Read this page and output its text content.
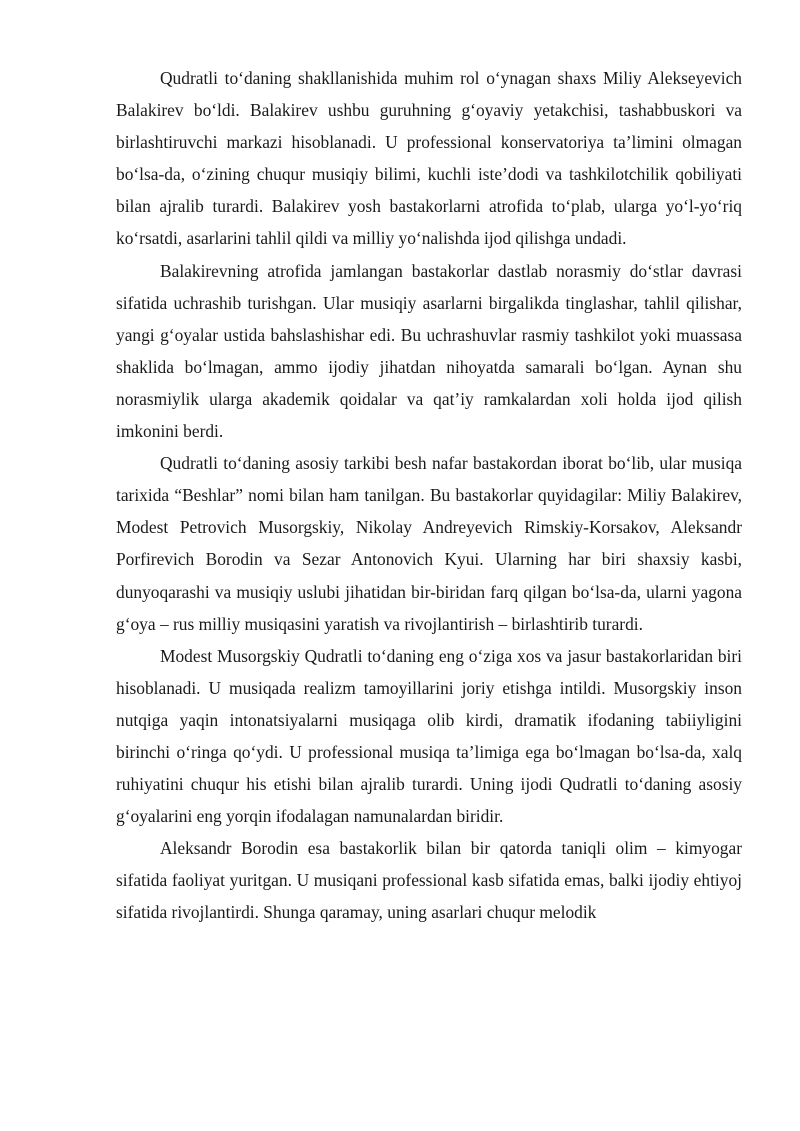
Qudratli to‘daning shakllanishida muhim rol o‘ynagan shaxs Miliy Alekseyevich Balakirev bo‘ldi. Balakirev ushbu guruhning g‘oyaviy yetakchisi, tashabbuskori va birlashtiruvchi markazi hisoblanadi. U professional konservatoriya ta’limini olmagan bo‘lsa-da, o‘zining chuqur musiqiy bilimi, kuchli iste’dodi va tashkilotchilik qobiliyati bilan ajralib turardi. Balakirev yosh bastakorlarni atrofida to‘plab, ularga yo‘l-yo‘riq ko‘rsatdi, asarlarini tahlil qildi va milliy yo‘nalishda ijod qilishga undadi.

Balakirevning atrofida jamlangan bastakorlar dastlab norasmiy do‘stlar davrasi sifatida uchrashib turishgan. Ular musiqiy asarlarni birgalikda tinglashar, tahlil qilishar, yangi g‘oyalar ustida bahslashishar edi. Bu uchrashuvlar rasmiy tashkilot yoki muassasa shaklida bo‘lmagan, ammo ijodiy jihatdan nihoyatda samarali bo‘lgan. Aynan shu norasmiylik ularga akademik qoidalar va qat’iy ramkalardan xoli holda ijod qilish imkonini berdi.

Qudratli to‘daning asosiy tarkibi besh nafar bastakordan iborat bo‘lib, ular musiqa tarixida “Beshlar” nomi bilan ham tanilgan. Bu bastakorlar quyidagilar: Miliy Balakirev, Modest Petrovich Musorgskiy, Nikolay Andreyevich Rimskiy-Korsakov, Aleksandr Porfirevich Borodin va Sezar Antonovich Kyui. Ularning har biri shaxsiy kasbi, dunyoqarashi va musiqiy uslubi jihatidan bir-biridan farq qilgan bo‘lsa-da, ularni yagona g‘oya – rus milliy musiqasini yaratish va rivojlantirish – birlashtirib turardi.

Modest Musorgskiy Qudratli to‘daning eng o‘ziga xos va jasur bastakorlaridan biri hisoblanadi. U musiqada realizm tamoyillarini joriy etishga intildi. Musorgskiy inson nutqiga yaqin intonatsiyalarni musiqaga olib kirdi, dramatik ifodaning tabiiyligini birinchi o‘ringa qo‘ydi. U professional musiqa ta’limiga ega bo‘lmagan bo‘lsa-da, xalq ruhiyatini chuqur his etishi bilan ajralib turardi. Uning ijodi Qudratli to‘daning asosiy g‘oyalarini eng yorqin ifodalagan namunalardan biridir.

Aleksandr Borodin esa bastakorlik bilan bir qatorda taniqli olim – kimyogar sifatida faoliyat yuritgan. U musiqani professional kasb sifatida emas, balki ijodiy ehtiyoj sifatida rivojlantirdi. Shunga qaramay, uning asarlari chuqur melodik
